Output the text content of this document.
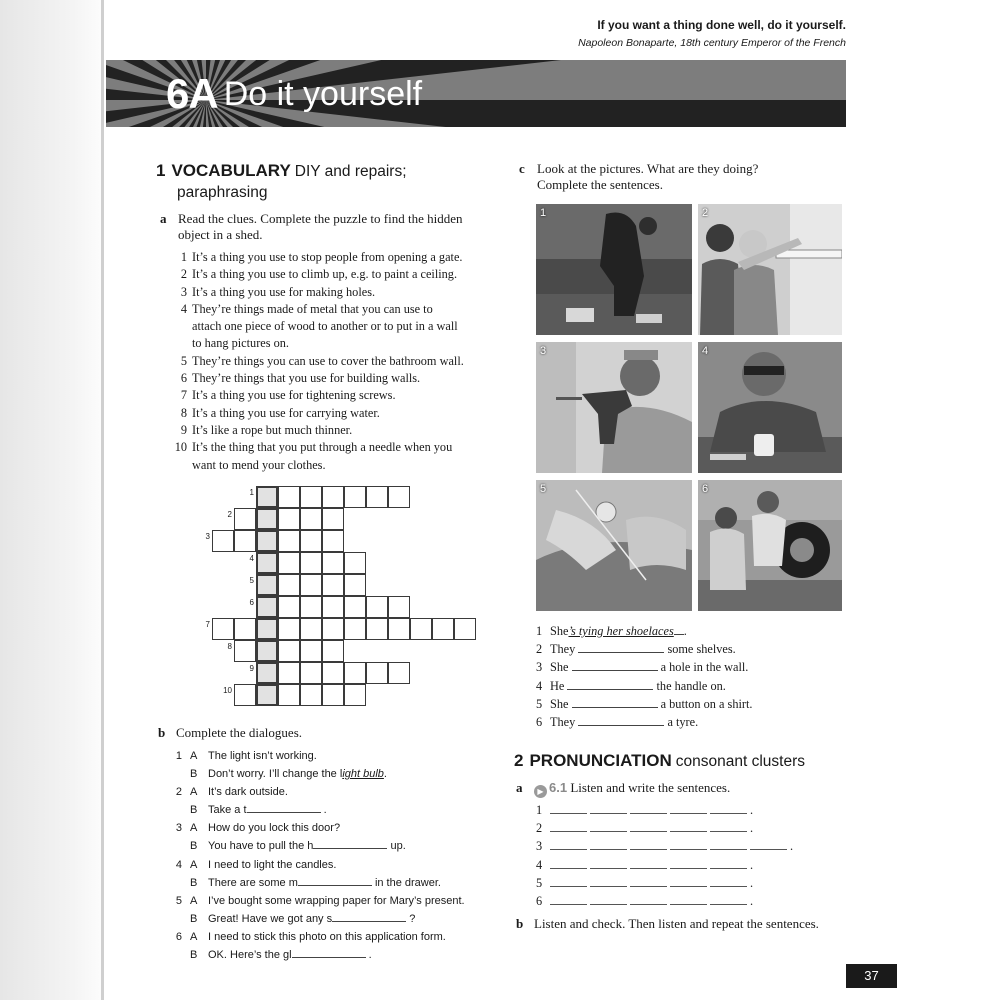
If you want a thing done well, do it yourself.
Napoleon Bonaparte, 18th century Emperor of the French
6A Do it yourself
1 VOCABULARY DIY and repairs;
paraphrasing
a Read the clues. Complete the puzzle to find the hidden
object in a shed.
1 It’s a thing you use to stop people from opening a gate.
2 It’s a thing you use to climb up, e.g. to paint a ceiling.
3 It’s a thing you use for making holes.
4 They’re things made of metal that you can use to
attach one piece of wood to another or to put in a wall
to hang pictures on.
5 They’re things you can use to cover the bathroom wall.
6 They’re things that you use for building walls.
7 It’s a thing you use for tightening screws.
8 It’s a thing you use for carrying water.
9 It’s like a rope but much thinner.
10 It’s the thing that you put through a needle when you
want to mend your clothes.
1
2
3
4
5
6
7
8
9
10
b Complete the dialogues.
1 A The light isn’t working.
B Don’t worry. I’ll change the light bulb.
2 A It’s dark outside.
B Take a t	.
3 A How do you lock this door?
B You have to pull the h	up.
4 A I need to light the candles.
B There are some m	in the drawer.
5 A I’ve bought some wrapping paper for Mary’s present.
B Great! Have we got any s	?
6 A I need to stick this photo on this application form.
B OK. Here’s the gl	.
c Look at the pictures. What are they doing?
Complete the sentences.
1	2
3	4
5	6
1 She’s tying her shoelaces .
2 They	some shelves.
3 She	a hole in the wall.
4 He	the handle on.
5 She	a button on a shirt.
6 They	a tyre.
2 PRONUNCIATION consonant clusters
a ▶ 6.1 Listen and write the sentences.
1	.
2	.
3	.
4	.
5	.
6	.
b Listen and check. Then listen and repeat the sentences.
37
